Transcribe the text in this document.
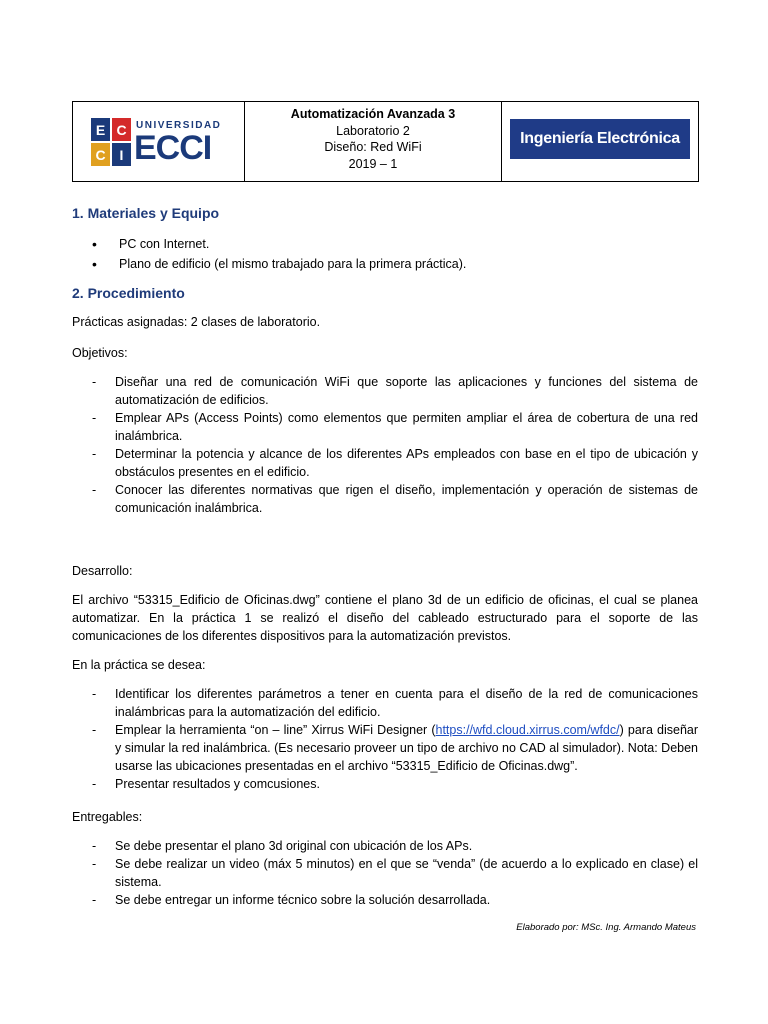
E C
C I
UNIVERSIDAD
ECCI
Automatización Avanzada 3
Laboratorio 2
Diseño: Red WiFi
2019 – 1
Ingeniería Electrónica
1. Materiales y Equipo
• PC con Internet.
• Plano de edificio (el mismo trabajado para la primera práctica).
2. Procedimiento
Prácticas asignadas: 2 clases de laboratorio.
Objetivos:
- Diseñar una red de comunicación WiFi que soporte las aplicaciones y funciones del sistema de automatización de edificios.
- Emplear APs (Access Points) como elementos que permiten ampliar el área de cobertura de una red inalámbrica.
- Determinar la potencia y alcance de los diferentes APs empleados con base en el tipo de ubicación y obstáculos presentes en el edificio.
- Conocer las diferentes normativas que rigen el diseño, implementación y operación de sistemas de comunicación inalámbrica.
Desarrollo:
El archivo “53315_Edificio de Oficinas.dwg” contiene el plano 3d de un edificio de oficinas, el cual se planea automatizar. En la práctica 1 se realizó el diseño del cableado estructurado para el soporte de las comunicaciones de los diferentes dispositivos para la automatización previstos.
En la práctica se desea:
- Identificar los diferentes parámetros a tener en cuenta para el diseño de la red de comunicaciones inalámbricas para la automatización del edificio.
- Emplear la herramienta “on – line” Xirrus WiFi Designer (https://wfd.cloud.xirrus.com/wfdc/) para diseñar y simular la red inalámbrica. (Es necesario proveer un tipo de archivo no CAD al simulador). Nota: Deben usarse las ubicaciones presentadas en el archivo “53315_Edificio de Oficinas.dwg”.
- Presentar resultados y comcusiones.
Entregables:
- Se debe presentar el plano 3d original con ubicación de los APs.
- Se debe realizar un video (máx 5 minutos) en el que se “venda” (de acuerdo a lo explicado en clase) el sistema.
- Se debe entregar un informe técnico sobre la solución desarrollada.
Elaborado por: MSc. Ing. Armando Mateus
